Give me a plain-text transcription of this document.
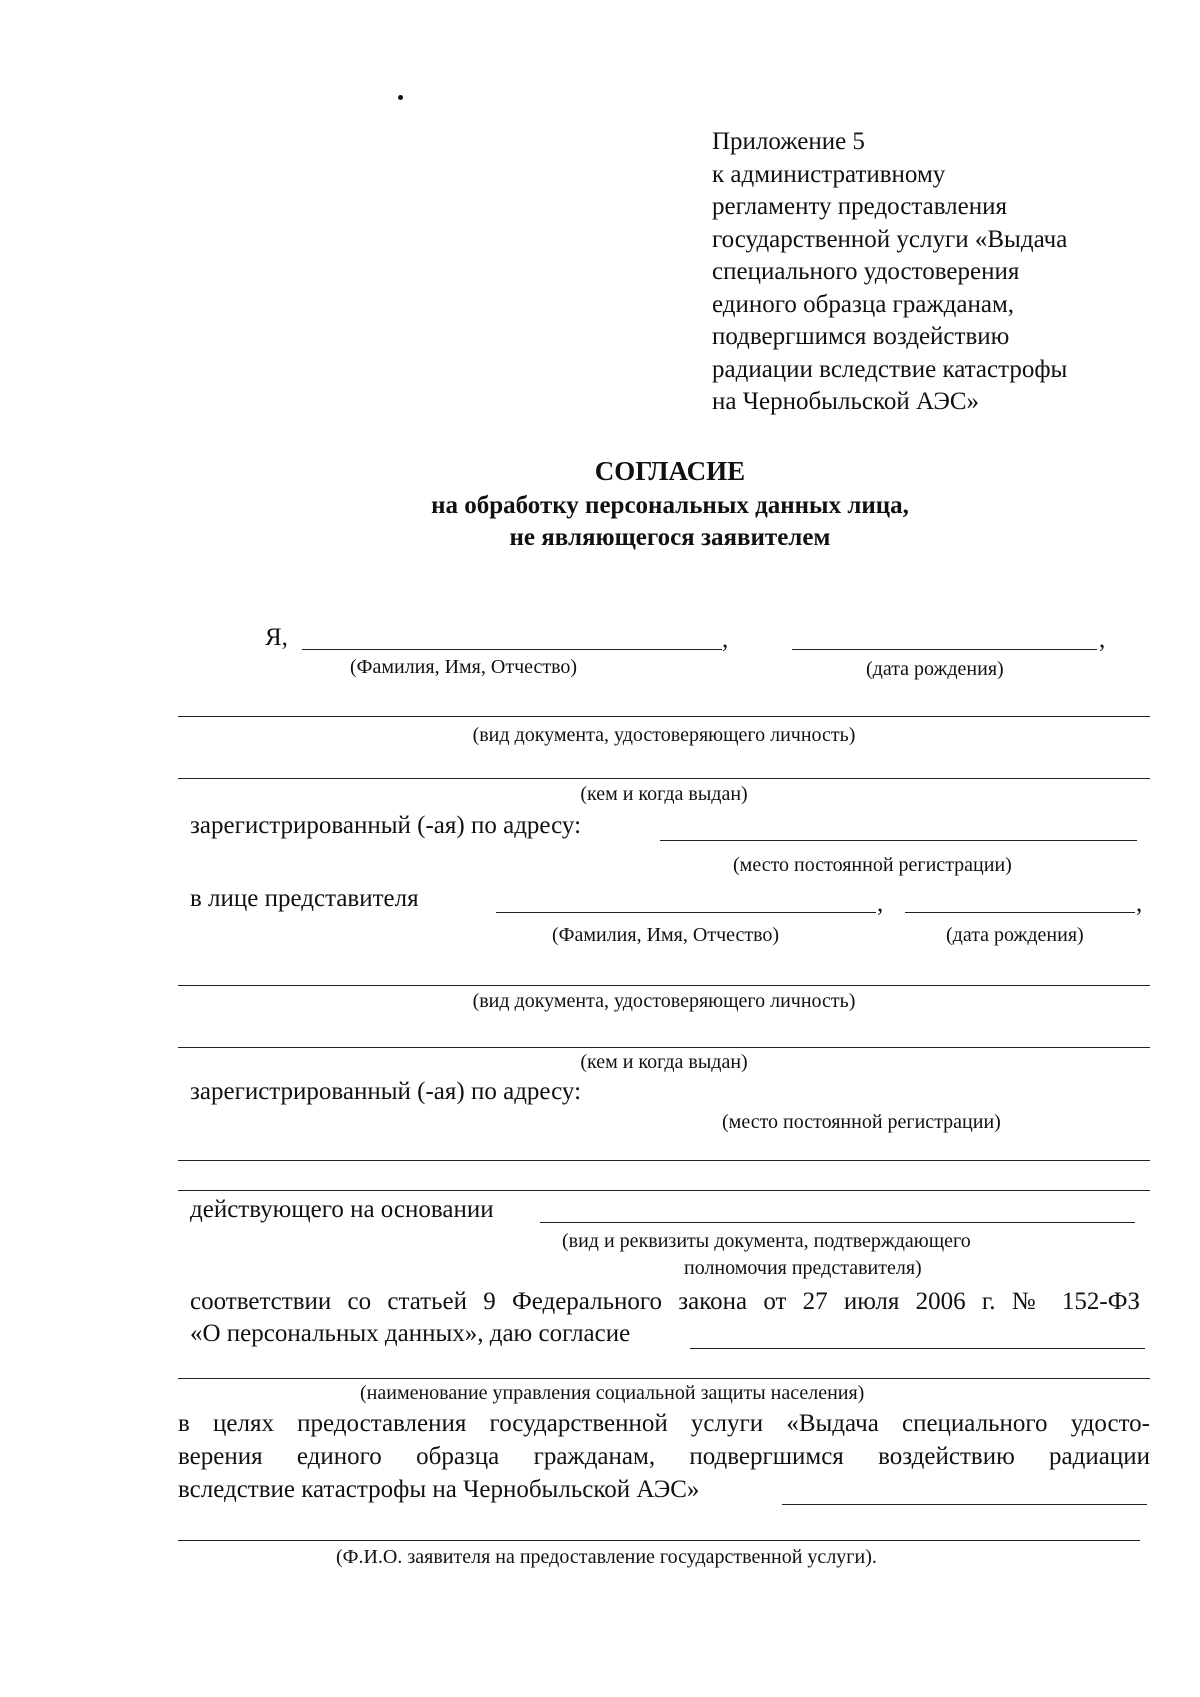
Приложение 5
к административному
регламенту предоставления
государственной услуги «Выдача
специального удостоверения
единого образца гражданам,
подвергшимся воздействию
радиации вследствие катастрофы
на Чернобыльской АЭС»
СОГЛАСИЕ
на обработку персональных данных лица,
не являющегося заявителем
Я,	,	,
(Фамилия, Имя, Отчество)	(дата рождения)
(вид документа, удостоверяющего личность)
(кем и когда выдан)
зарегистрированный (-ая) по адресу:
(место постоянной регистрации)
в лице представителя	,	,
(Фамилия, Имя, Отчество)	(дата рождения)
(вид документа, удостоверяющего личность)
(кем и когда выдан)
зарегистрированный (-ая) по адресу:
(место постоянной регистрации)
действующего на основании
(вид и реквизиты документа, подтверждающего
полномочия представителя)
соответствии со статьей 9 Федерального закона от 27 июля 2006 г. № 152-ФЗ
«О персональных данных», даю согласие
(наименование управления социальной защиты населения)
в целях предоставления государственной услуги «Выдача специального удосто-
верения единого образца гражданам, подвергшимся воздействию радиации
вследствие катастрофы на Чернобыльской АЭС»
(Ф.И.О. заявителя на предоставление государственной услуги).
